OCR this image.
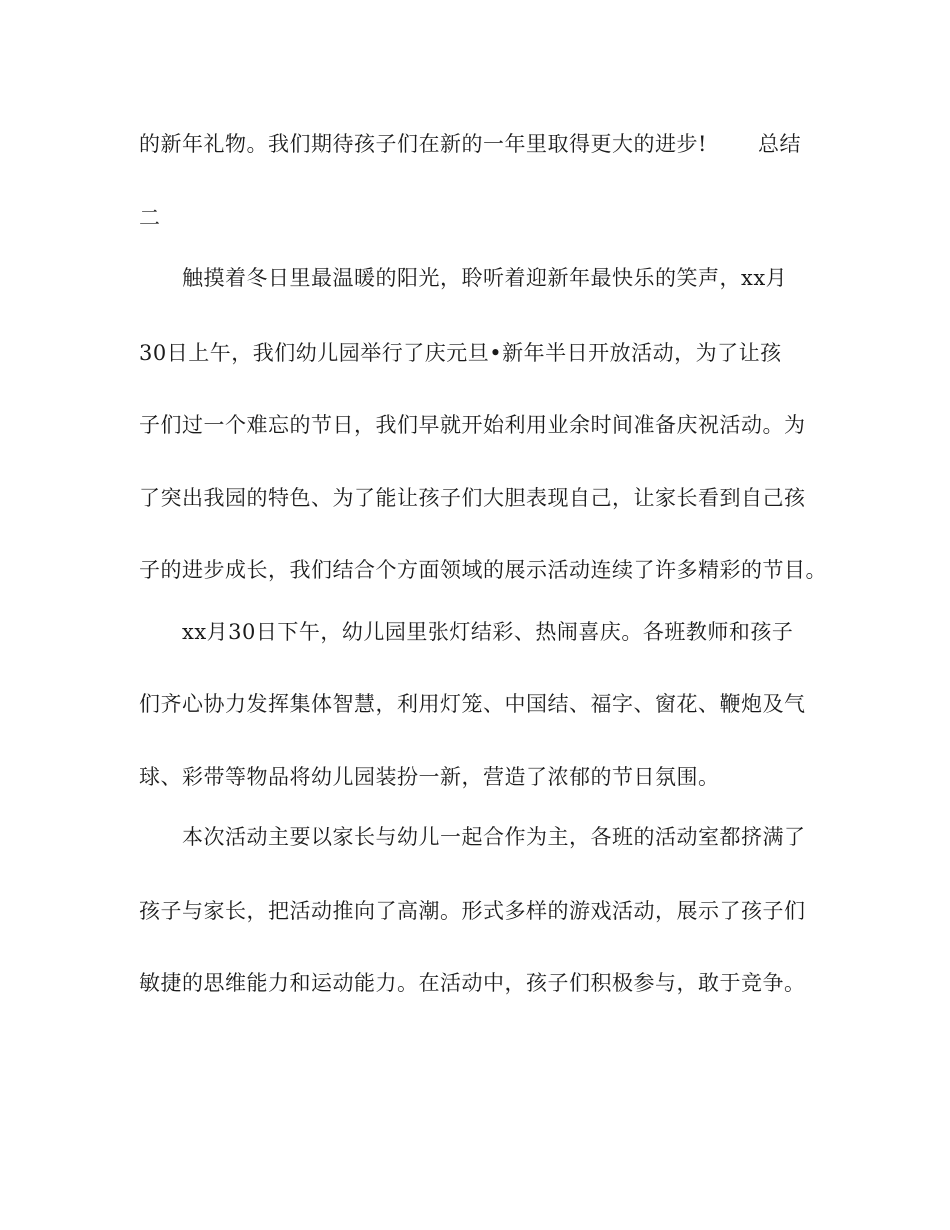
的新年礼物。我们期待孩子们在新的一年里取得更大的进步! 总结
二
触摸着冬日里最温暖的阳光，聆听着迎新年最快乐的笑声，xx月
30日上午，我们幼儿园举行了庆元旦•新年半日开放活动，为了让孩
子们过一个难忘的节日，我们早就开始利用业余时间准备庆祝活动。为
了突出我园的特色、为了能让孩子们大胆表现自己，让家长看到自己孩
子的进步成长，我们结合个方面领域的展示活动连续了许多精彩的节目。
xx月30日下午，幼儿园里张灯结彩、热闹喜庆。各班教师和孩子
们齐心协力发挥集体智慧，利用灯笼、中国结、福字、窗花、鞭炮及气
球、彩带等物品将幼儿园装扮一新，营造了浓郁的节日氛围。
本次活动主要以家长与幼儿一起合作为主，各班的活动室都挤满了
孩子与家长，把活动推向了高潮。形式多样的游戏活动，展示了孩子们
敏捷的思维能力和运动能力。在活动中，孩子们积极参与，敢于竞争。
